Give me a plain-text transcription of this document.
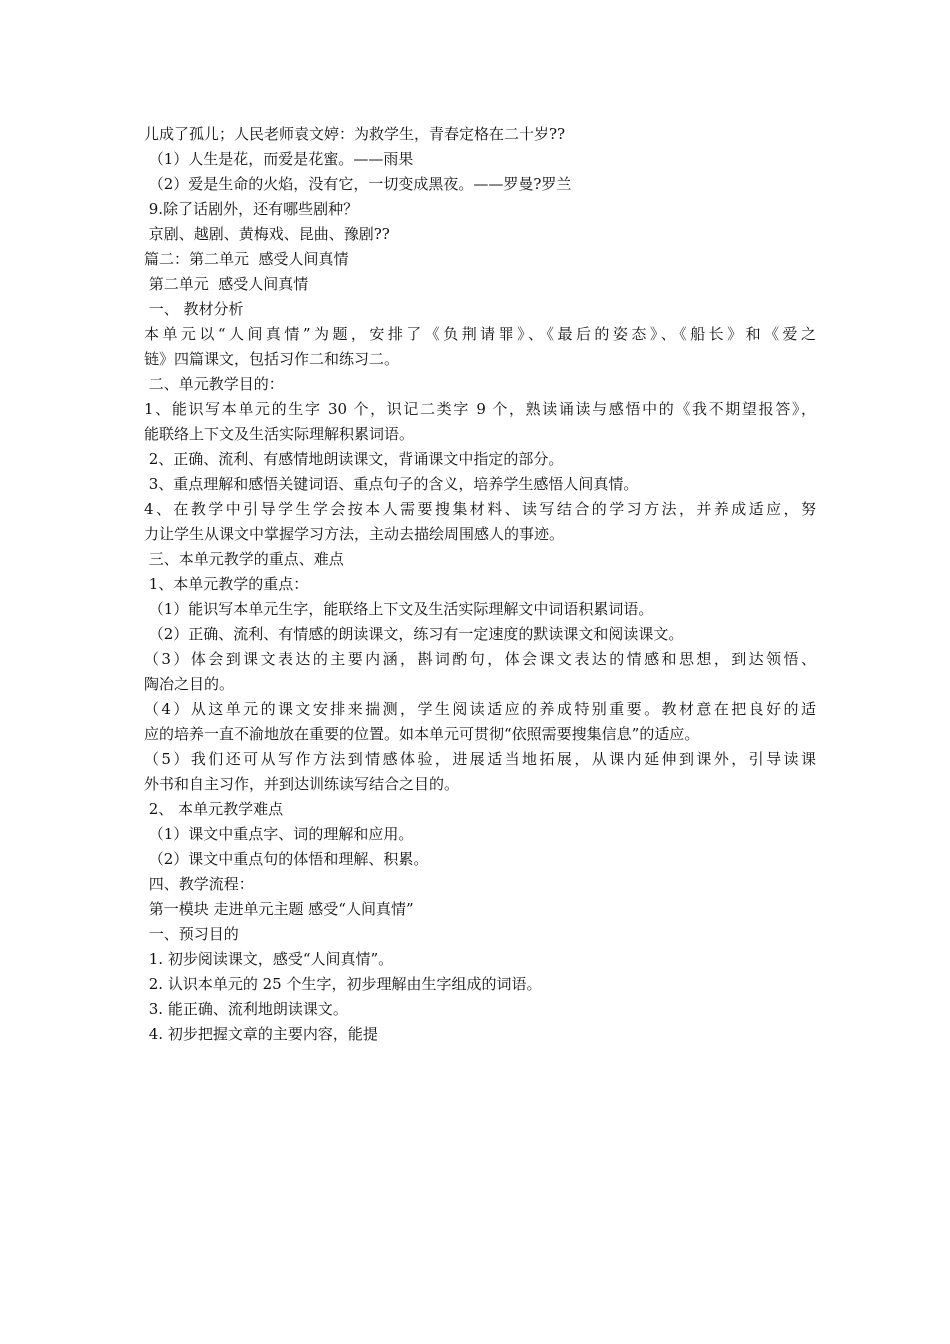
儿成了孤儿；人民老师袁文婷：为救学生，青春定格在二十岁??
（1）人生是花，而爱是花蜜。——雨果
（2）爱是生命的火焰，没有它，一切变成黑夜。——罗曼?罗兰
9.除了话剧外，还有哪些剧种？
京剧、越剧、黄梅戏、昆曲、豫剧??
篇二：第二单元  感受人间真情
第二单元  感受人间真情
一、 教材分析
本单元以“人间真情”为题，安排了《负荆请罪》、《最后的姿态》、《船长》和《爱之
链》四篇课文，包括习作二和练习二。
二、单元教学目的：
1、能识写本单元的生字 30 个，识记二类字 9 个，熟读诵读与感悟中的《我不期望报答》，
能联络上下文及生活实际理解积累词语。
2、正确、流利、有感情地朗读课文，背诵课文中指定的部分。
3、重点理解和感悟关键词语、重点句子的含义，培养学生感悟人间真情。
4、在教学中引导学生学会按本人需要搜集材料、读写结合的学习方法，并养成适应，努
力让学生从课文中掌握学习方法，主动去描绘周围感人的事迹。
三、本单元教学的重点、难点
1、本单元教学的重点：
（1）能识写本单元生字，能联络上下文及生活实际理解文中词语积累词语。
（2）正确、流利、有情感的朗读课文，练习有一定速度的默读课文和阅读课文。
（3）体会到课文表达的主要内涵，斟词酌句，体会课文表达的情感和思想，到达领悟、
陶冶之目的。
（4）从这单元的课文安排来揣测，学生阅读适应的养成特别重要。教材意在把良好的适
应的培养一直不渝地放在重要的位置。如本单元可贯彻“依照需要搜集信息”的适应。
（5）我们还可从写作方法到情感体验，进展适当地拓展，从课内延伸到课外，引导读课
外书和自主习作，并到达训练读写结合之目的。
2、 本单元教学难点
（1）课文中重点字、词的理解和应用。
（2）课文中重点句的体悟和理解、积累。
四、教学流程：
第一模块 走进单元主题 感受“人间真情”
一、预习目的
1. 初步阅读课文，感受“人间真情”。
2. 认识本单元的 25 个生字，初步理解由生字组成的词语。
3. 能正确、流利地朗读课文。
4. 初步把握文章的主要内容，能提
